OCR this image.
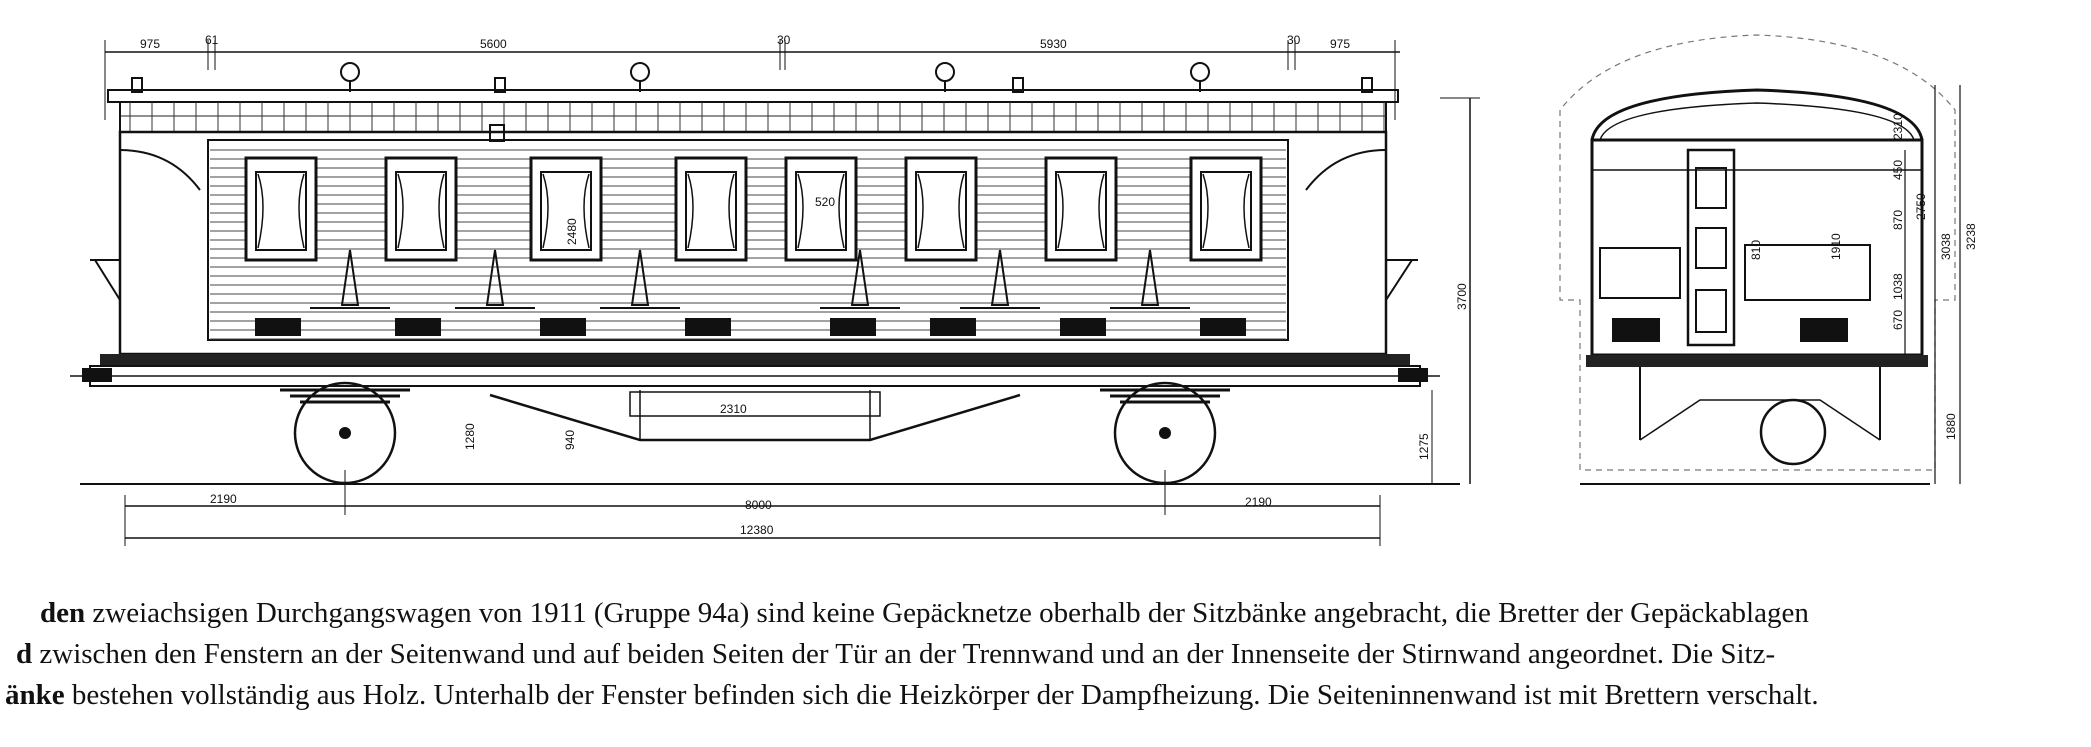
975	61	5600	30	5930	30 975
2310
3700
1275
1280	940
2480
520
2190	8000	2190
12380
3238
3038
2750
1880
1038
870
450
2310
670
1910
810
den zweiachsigen Durchgangswagen von 1911 (Gruppe 94a) sind keine Gepäcknetze oberhalb der Sitzbänke angebracht, die Bretter der Gepäckablagen
d zwischen den Fenstern an der Seitenwand und auf beiden Seiten der Tür an der Trennwand und an der Innenseite der Stirnwand angeordnet. Die Sitz-
änke bestehen vollständig aus Holz. Unterhalb der Fenster befinden sich die Heizkörper der Dampfheizung. Die Seiteninnenwand ist mit Brettern verschalt.
